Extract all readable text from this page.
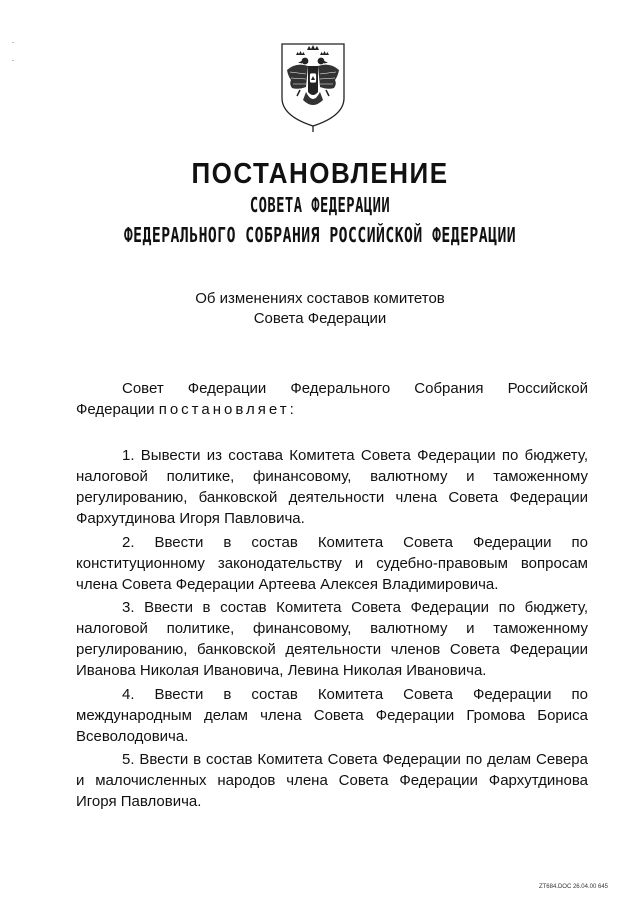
ПОСТАНОВЛЕНИЕ
СОВЕТА ФЕДЕРАЦИИ
ФЕДЕРАЛЬНОГО СОБРАНИЯ РОССИЙСКОЙ ФЕДЕРАЦИИ
Об изменениях составов комитетов
Совета Федерации

Совет Федерации Федерального Собрания Российской Федерации постановляет:

1. Вывести из состава Комитета Совета Федерации по бюджету, налоговой политике, финансовому, валютному и таможенному регулированию, банковской деятельности члена Совета Федерации Фархутдинова Игоря Павловича.

2. Ввести в состав Комитета Совета Федерации по конституционному законодательству и судебно-правовым вопросам члена Совета Федерации Артеева Алексея Владимировича.

3. Ввести в состав Комитета Совета Федерации по бюджету, налоговой политике, финансовому, валютному и таможенному регулированию, банковской деятельности членов Совета Федерации Иванова Николая Ивановича, Левина Николая Ивановича.

4. Ввести в состав Комитета Совета Федерации по международным делам члена Совета Федерации Громова Бориса Всеволодовича.

5. Ввести в состав Комитета Совета Федерации по делам Севера и малочисленных народов члена Совета Федерации Фархутдинова Игоря Павловича.

ZT684.DOC 26.04.00 645
